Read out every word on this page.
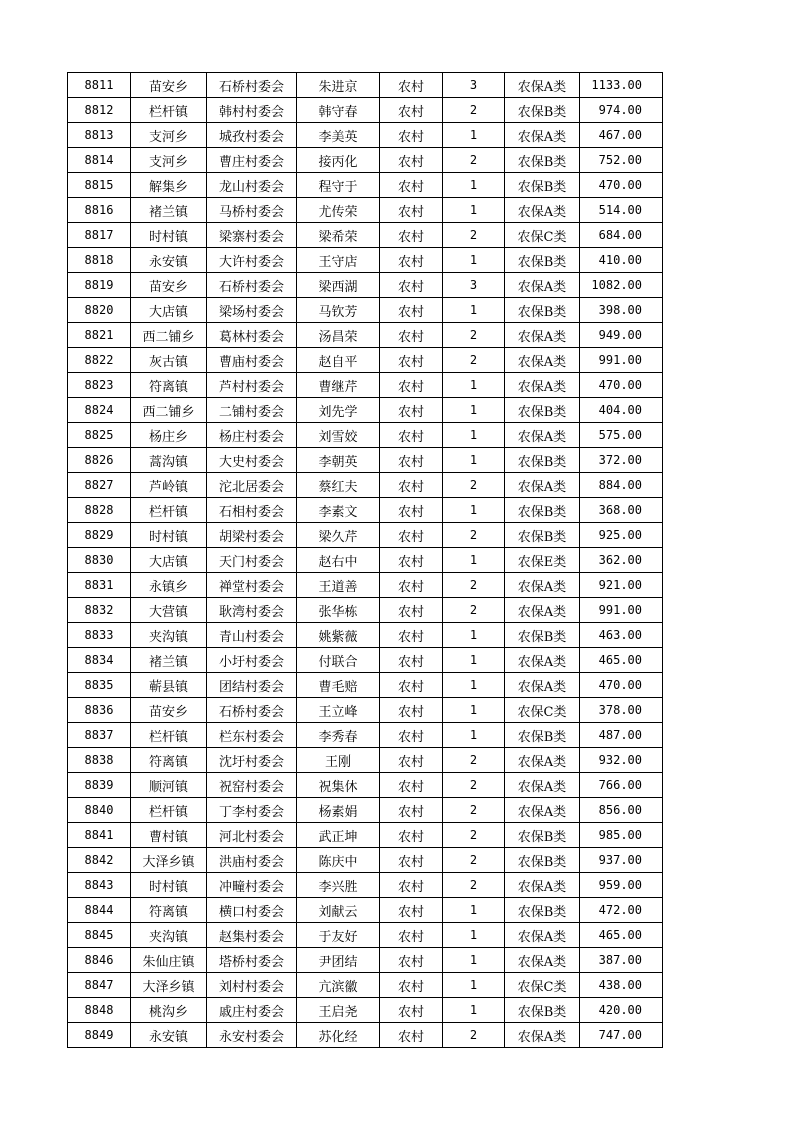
8811	苗安乡	石桥村委会	朱进京	农村	3	农保A类	1133.00
8812	栏杆镇	韩村村委会	韩守春	农村	2	农保B类	974.00
8813	支河乡	城孜村委会	李美英	农村	1	农保A类	467.00
8814	支河乡	曹庄村委会	接丙化	农村	2	农保B类	752.00
8815	解集乡	龙山村委会	程守于	农村	1	农保B类	470.00
8816	褚兰镇	马桥村委会	尤传荣	农村	1	农保A类	514.00
8817	时村镇	梁寨村委会	梁希荣	农村	2	农保C类	684.00
8818	永安镇	大许村委会	王守店	农村	1	农保B类	410.00
8819	苗安乡	石桥村委会	梁西湖	农村	3	农保A类	1082.00
8820	大店镇	梁场村委会	马钦芳	农村	1	农保B类	398.00
8821	西二铺乡	葛林村委会	汤昌荣	农村	2	农保A类	949.00
8822	灰古镇	曹庙村委会	赵自平	农村	2	农保A类	991.00
8823	符离镇	芦村村委会	曹继芹	农村	1	农保A类	470.00
8824	西二铺乡	二铺村委会	刘先学	农村	1	农保B类	404.00
8825	杨庄乡	杨庄村委会	刘雪姣	农村	1	农保A类	575.00
8826	蒿沟镇	大史村委会	李朝英	农村	1	农保B类	372.00
8827	芦岭镇	沱北居委会	蔡红夫	农村	2	农保A类	884.00
8828	栏杆镇	石相村委会	李素文	农村	1	农保B类	368.00
8829	时村镇	胡梁村委会	梁久芹	农村	2	农保B类	925.00
8830	大店镇	天门村委会	赵右中	农村	1	农保E类	362.00
8831	永镇乡	禅堂村委会	王道善	农村	2	农保A类	921.00
8832	大营镇	耿湾村委会	张华栋	农村	2	农保A类	991.00
8833	夹沟镇	青山村委会	姚紫薇	农村	1	农保B类	463.00
8834	褚兰镇	小圩村委会	付联合	农村	1	农保A类	465.00
8835	蕲县镇	团结村委会	曹毛赔	农村	1	农保A类	470.00
8836	苗安乡	石桥村委会	王立峰	农村	1	农保C类	378.00
8837	栏杆镇	栏东村委会	李秀春	农村	1	农保B类	487.00
8838	符离镇	沈圩村委会	王刚	农村	2	农保A类	932.00
8839	顺河镇	祝窑村委会	祝集休	农村	2	农保A类	766.00
8840	栏杆镇	丁李村委会	杨素娟	农村	2	农保A类	856.00
8841	曹村镇	河北村委会	武正坤	农村	2	农保B类	985.00
8842	大泽乡镇	洪庙村委会	陈庆中	农村	2	农保B类	937.00
8843	时村镇	冲疃村委会	李兴胜	农村	2	农保A类	959.00
8844	符离镇	横口村委会	刘献云	农村	1	农保B类	472.00
8845	夹沟镇	赵集村委会	于友好	农村	1	农保A类	465.00
8846	朱仙庄镇	塔桥村委会	尹团结	农村	1	农保A类	387.00
8847	大泽乡镇	刘村村委会	亢滨徽	农村	1	农保C类	438.00
8848	桃沟乡	戚庄村委会	王启尧	农村	1	农保B类	420.00
8849	永安镇	永安村委会	苏化经	农村	2	农保A类	747.00
